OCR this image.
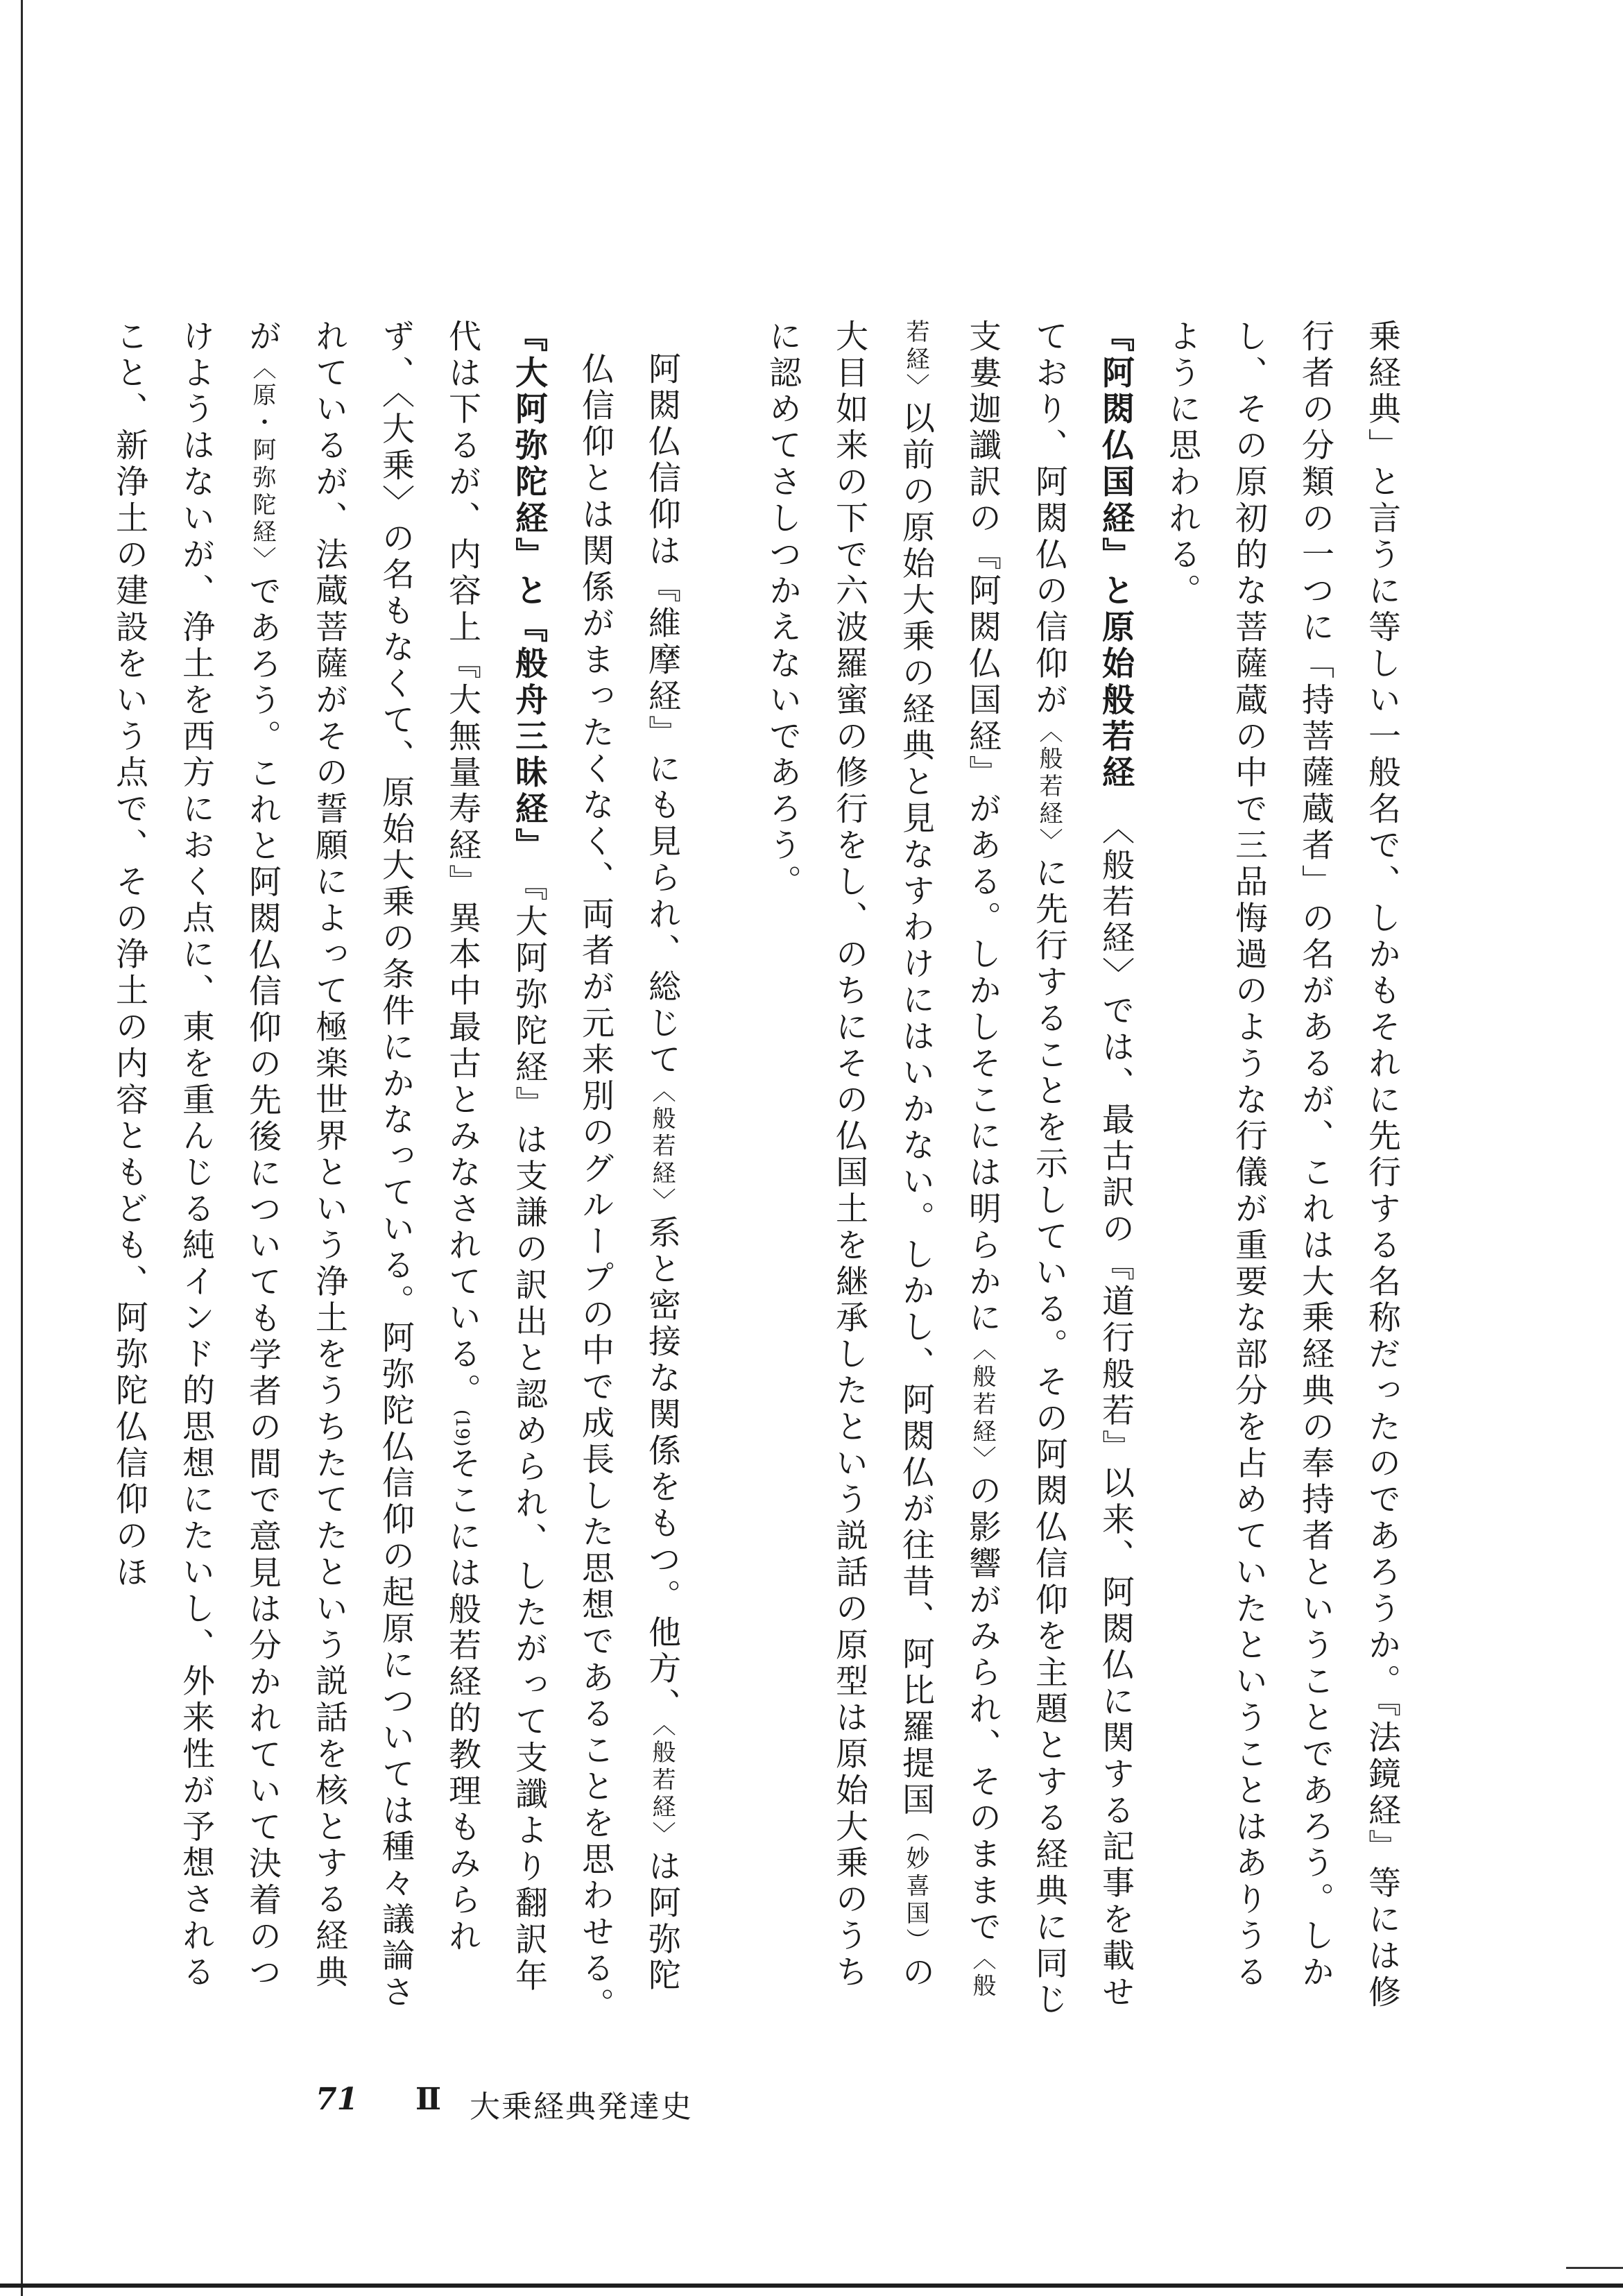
乗経典」と言うに等しい一般名で、しかもそれに先行する名称だったのであろうか。『法鏡経』等には修行者の分類の一つに「持菩薩蔵者」の名があるが、これは大乗経典の奉持者ということであろう。しかし、その原初的な菩薩蔵の中で三品悔過のような行儀が重要な部分を占めていたということはありうるように思われる。

『阿閦仏国経』と原始般若経　〈般若経〉では、最古訳の『道行般若』以来、阿閦仏に関する記事を載せており、阿閦仏の信仰が〈般若経〉に先行することを示している。その阿閦仏信仰を主題とする経典に同じ支婁迦讖訳の『阿閦仏国経』がある。しかしそこには明らかに〈般若経〉の影響がみられ、そのままで〈般若経〉以前の原始大乗の経典と見なすわけにはいかない。しかし、阿閦仏が往昔、阿比羅提国（妙喜国）の大目如来の下で六波羅蜜の修行をし、のちにその仏国土を継承したという説話の原型は原始大乗のうちに認めてさしつかえないであろう。

阿閦仏信仰は『維摩経』にも見られ、総じて〈般若経〉系と密接な関係をもつ。他方、〈般若経〉は阿弥陀仏信仰とは関係がまったくなく、両者が元来別のグループの中で成長した思想であることを思わせる。

『大阿弥陀経』と『般舟三昧経』　『大阿弥陀経』は支謙の訳出と認められ、したがって支讖より翻訳年代は下るが、内容上『大無量寿経』異本中最古とみなされている。(19)そこには般若経的教理もみられず、〈大乗〉の名もなくて、原始大乗の条件にかなっている。阿弥陀仏信仰の起原については種々議論されているが、法蔵菩薩がその誓願によって極楽世界という浄土をうちたてたという説話を核とする経典が〈原・阿弥陀経〉であろう。これと阿閦仏信仰の先後についても学者の間で意見は分かれていて決着のつけようはないが、浄土を西方におく点に、東を重んじる純インド的思想にたいし、外来性が予想されること、新浄土の建設をいう点で、その浄土の内容ともども、阿弥陀仏信仰のほ

71 Ⅱ 大乗経典発達史
